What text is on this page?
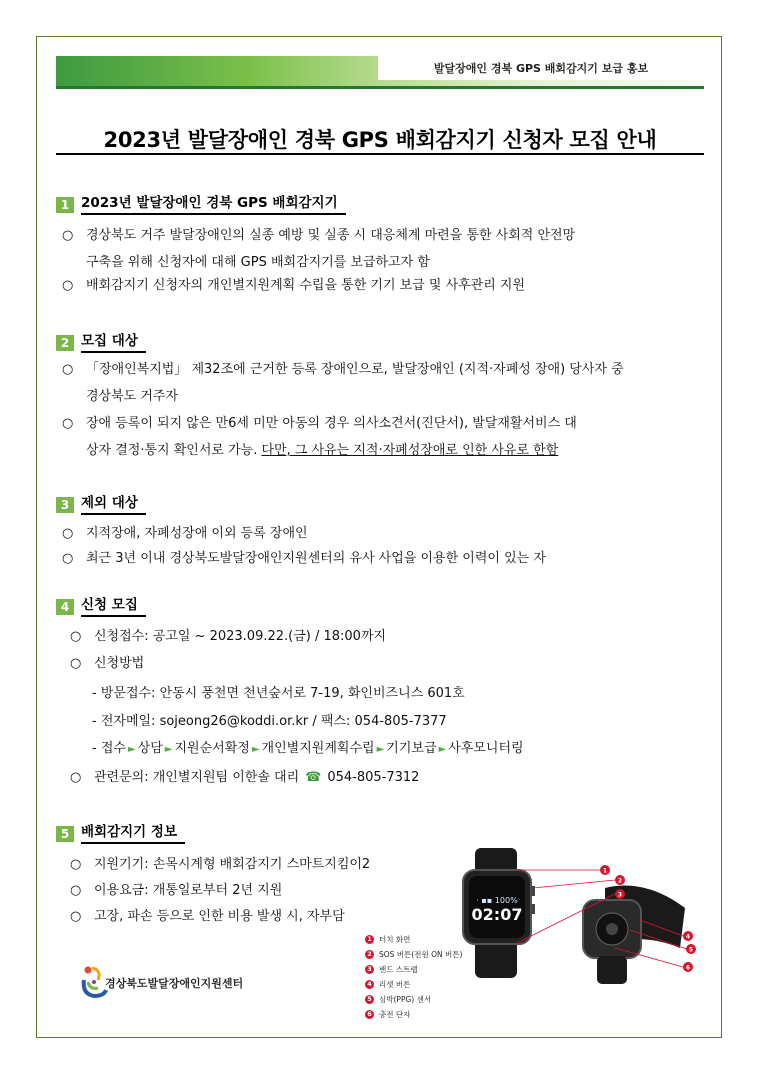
발달장애인 경북 GPS 배회감지기 보급 홍보
2023년 발달장애인 경북 GPS 배회감지기 신청자 모집 안내
1 2023년 발달장애인 경북 GPS 배회감지기
○ 경상북도 거주 발달장애인의 실종 예방 및 실종 시 대응체계 마련을 통한 사회적 안전망
구축을 위해 신청자에 대해 GPS 배회감지기를 보급하고자 함
○ 배회감지기 신청자의 개인별지원계획 수립을 통한 기기 보급 및 사후관리 지원
2 모집 대상
○ 「장애인복지법」 제32조에 근거한 등록 장애인으로, 발달장애인 (지적·자폐성 장애) 당사자 중
경상북도 거주자
○ 장애 등록이 되지 않은 만6세 미만 아동의 경우 의사소견서(진단서), 발달재활서비스 대
상자 결정·통지 확인서로 가능. 다만, 그 사유는 지적·자폐성장애로 인한 사유로 한함
3 제외 대상
○ 지적장애, 자폐성장애 이외 등록 장애인
○ 최근 3년 이내 경상북도발달장애인지원센터의 유사 사업을 이용한 이력이 있는 자
4 신청 모집
○ 신청접수: 공고일 ~ 2023.09.22.(금) / 18:00까지
○ 신청방법
- 방문접수: 안동시 풍천면 천년숲서로 7-19, 화인비즈니스 601호
- 전자메일: sojeong26@koddi.or.kr / 팩스: 054-805-7377
- 접수 ► 상담 ► 지원순서확정 ► 개인별지원계획수립 ► 기기보급 ► 사후모니터링
○ 관련문의: 개인별지원팀 이한솔 대리 ☎ 054-805-7312
5 배회감지기 정보
○ 지원기기: 손목시계형 배회감지기 스마트지킴이2
○ 이용요금: 개통일로부터 2년 지원
○ 고장, 파손 등으로 인한 비용 발생 시, 자부담
· ▪▪ 100%
02:07
1
2
3
4
5
6
1 터치 화면
2 SOS 버튼(전원 ON 버튼)
3 밴드 스트랩
4 리셋 버튼
5 심박(PPG) 센서
6 충전 단자
경상북도발달장애인지원센터
